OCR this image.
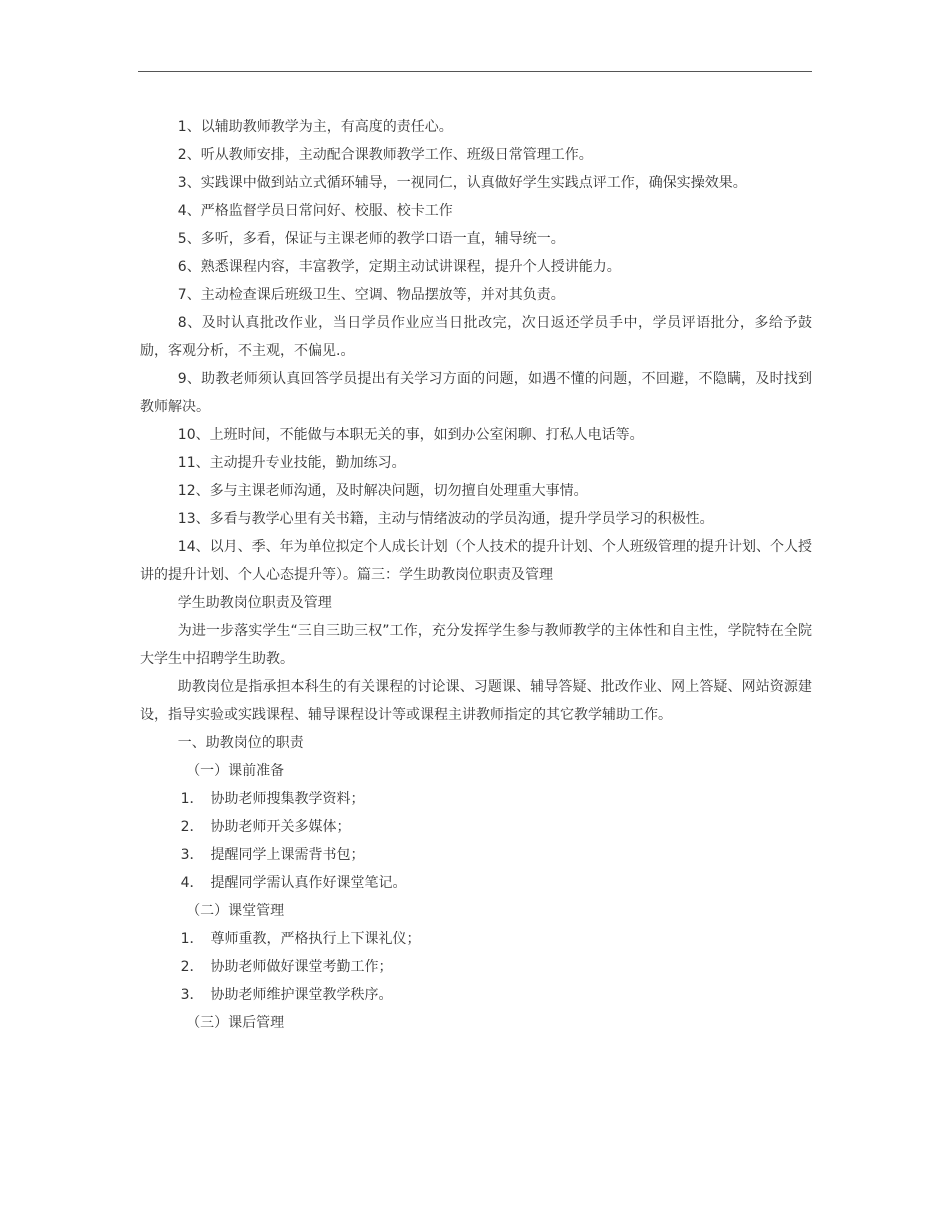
1、以辅助教师教学为主，有高度的责任心。

2、听从教师安排，主动配合课教师教学工作、班级日常管理工作。

3、实践课中做到站立式循环辅导，一视同仁，认真做好学生实践点评工作，确保实操效果。

4、严格监督学员日常问好、校服、校卡工作

5、多听，多看，保证与主课老师的教学口语一直，辅导统一。

6、熟悉课程内容，丰富教学，定期主动试讲课程，提升个人授讲能力。

7、主动检查课后班级卫生、空调、物品摆放等，并对其负责。

8、及时认真批改作业，当日学员作业应当日批改完，次日返还学员手中，学员评语批分，多给予鼓励，客观分析，不主观，不偏见.。

9、助教老师须认真回答学员提出有关学习方面的问题，如遇不懂的问题，不回避，不隐瞒，及时找到教师解决。

10、上班时间，不能做与本职无关的事，如到办公室闲聊、打私人电话等。

11、主动提升专业技能，勤加练习。

12、多与主课老师沟通，及时解决问题，切勿擅自处理重大事情。

13、多看与教学心里有关书籍，主动与情绪波动的学员沟通，提升学员学习的积极性。

14、以月、季、年为单位拟定个人成长计划（个人技术的提升计划、个人班级管理的提升计划、个人授讲的提升计划、个人心态提升等）。篇三：学生助教岗位职责及管理

学生助教岗位职责及管理

为进一步落实学生“三自三助三权”工作，充分发挥学生参与教师教学的主体性和自主性，学院特在全院大学生中招聘学生助教。

助教岗位是指承担本科生的有关课程的讨论课、习题课、辅导答疑、批改作业、网上答疑、网站资源建设，指导实验或实践课程、辅导课程设计等或课程主讲教师指定的其它教学辅助工作。

一、助教岗位的职责

（一）课前准备

1．　协助老师搜集教学资料；

2．　协助老师开关多媒体；

3．　提醒同学上课需背书包；

4．　提醒同学需认真作好课堂笔记。

（二）课堂管理

1．　尊师重教，严格执行上下课礼仪；

2．　协助老师做好课堂考勤工作；

3．　协助老师维护课堂教学秩序。

（三）课后管理
